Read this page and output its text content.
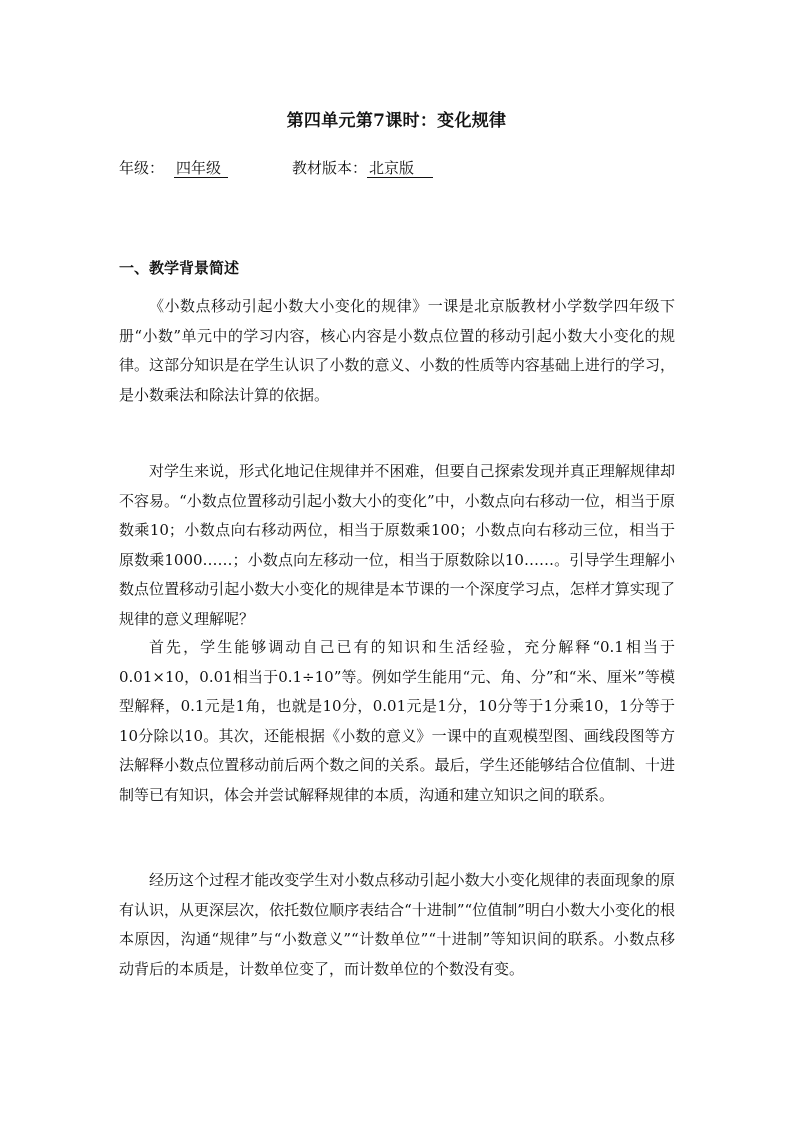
第四单元第7课时：变化规律
年级： 四年级	教材版本： 北京版
一、教学背景简述

《小数点移动引起小数大小变化的规律》一课是北京版教材小学数学四年级下册“小数”单元中的学习内容，核心内容是小数点位置的移动引起小数大小变化的规律。这部分知识是在学生认识了小数的意义、小数的性质等内容基础上进行的学习，是小数乘法和除法计算的依据。

对学生来说，形式化地记住规律并不困难，但要自己探索发现并真正理解规律却不容易。“小数点位置移动引起小数大小的变化”中，小数点向右移动一位，相当于原数乘10；小数点向右移动两位，相当于原数乘100；小数点向右移动三位，相当于原数乘1000……；小数点向左移动一位，相当于原数除以10……。引导学生理解小数点位置移动引起小数大小变化的规律是本节课的一个深度学习点，怎样才算实现了规律的意义理解呢？

首先，学生能够调动自己已有的知识和生活经验，充分解释“0.1相当于0.01×10，0.01相当于0.1÷10”等。例如学生能用“元、角、分”和“米、厘米”等模型解释，0.1元是1角，也就是10分，0.01元是1分，10分等于1分乘10，1分等于10分除以10。其次，还能根据《小数的意义》一课中的直观模型图、画线段图等方法解释小数点位置移动前后两个数之间的关系。最后，学生还能够结合位值制、十进制等已有知识，体会并尝试解释规律的本质，沟通和建立知识之间的联系。

经历这个过程才能改变学生对小数点移动引起小数大小变化规律的表面现象的原有认识，从更深层次，依托数位顺序表结合“十进制”“位值制”明白小数大小变化的根本原因，沟通“规律”与“小数意义”“计数单位”“十进制”等知识间的联系。小数点移动背后的本质是，计数单位变了，而计数单位的个数没有变。
